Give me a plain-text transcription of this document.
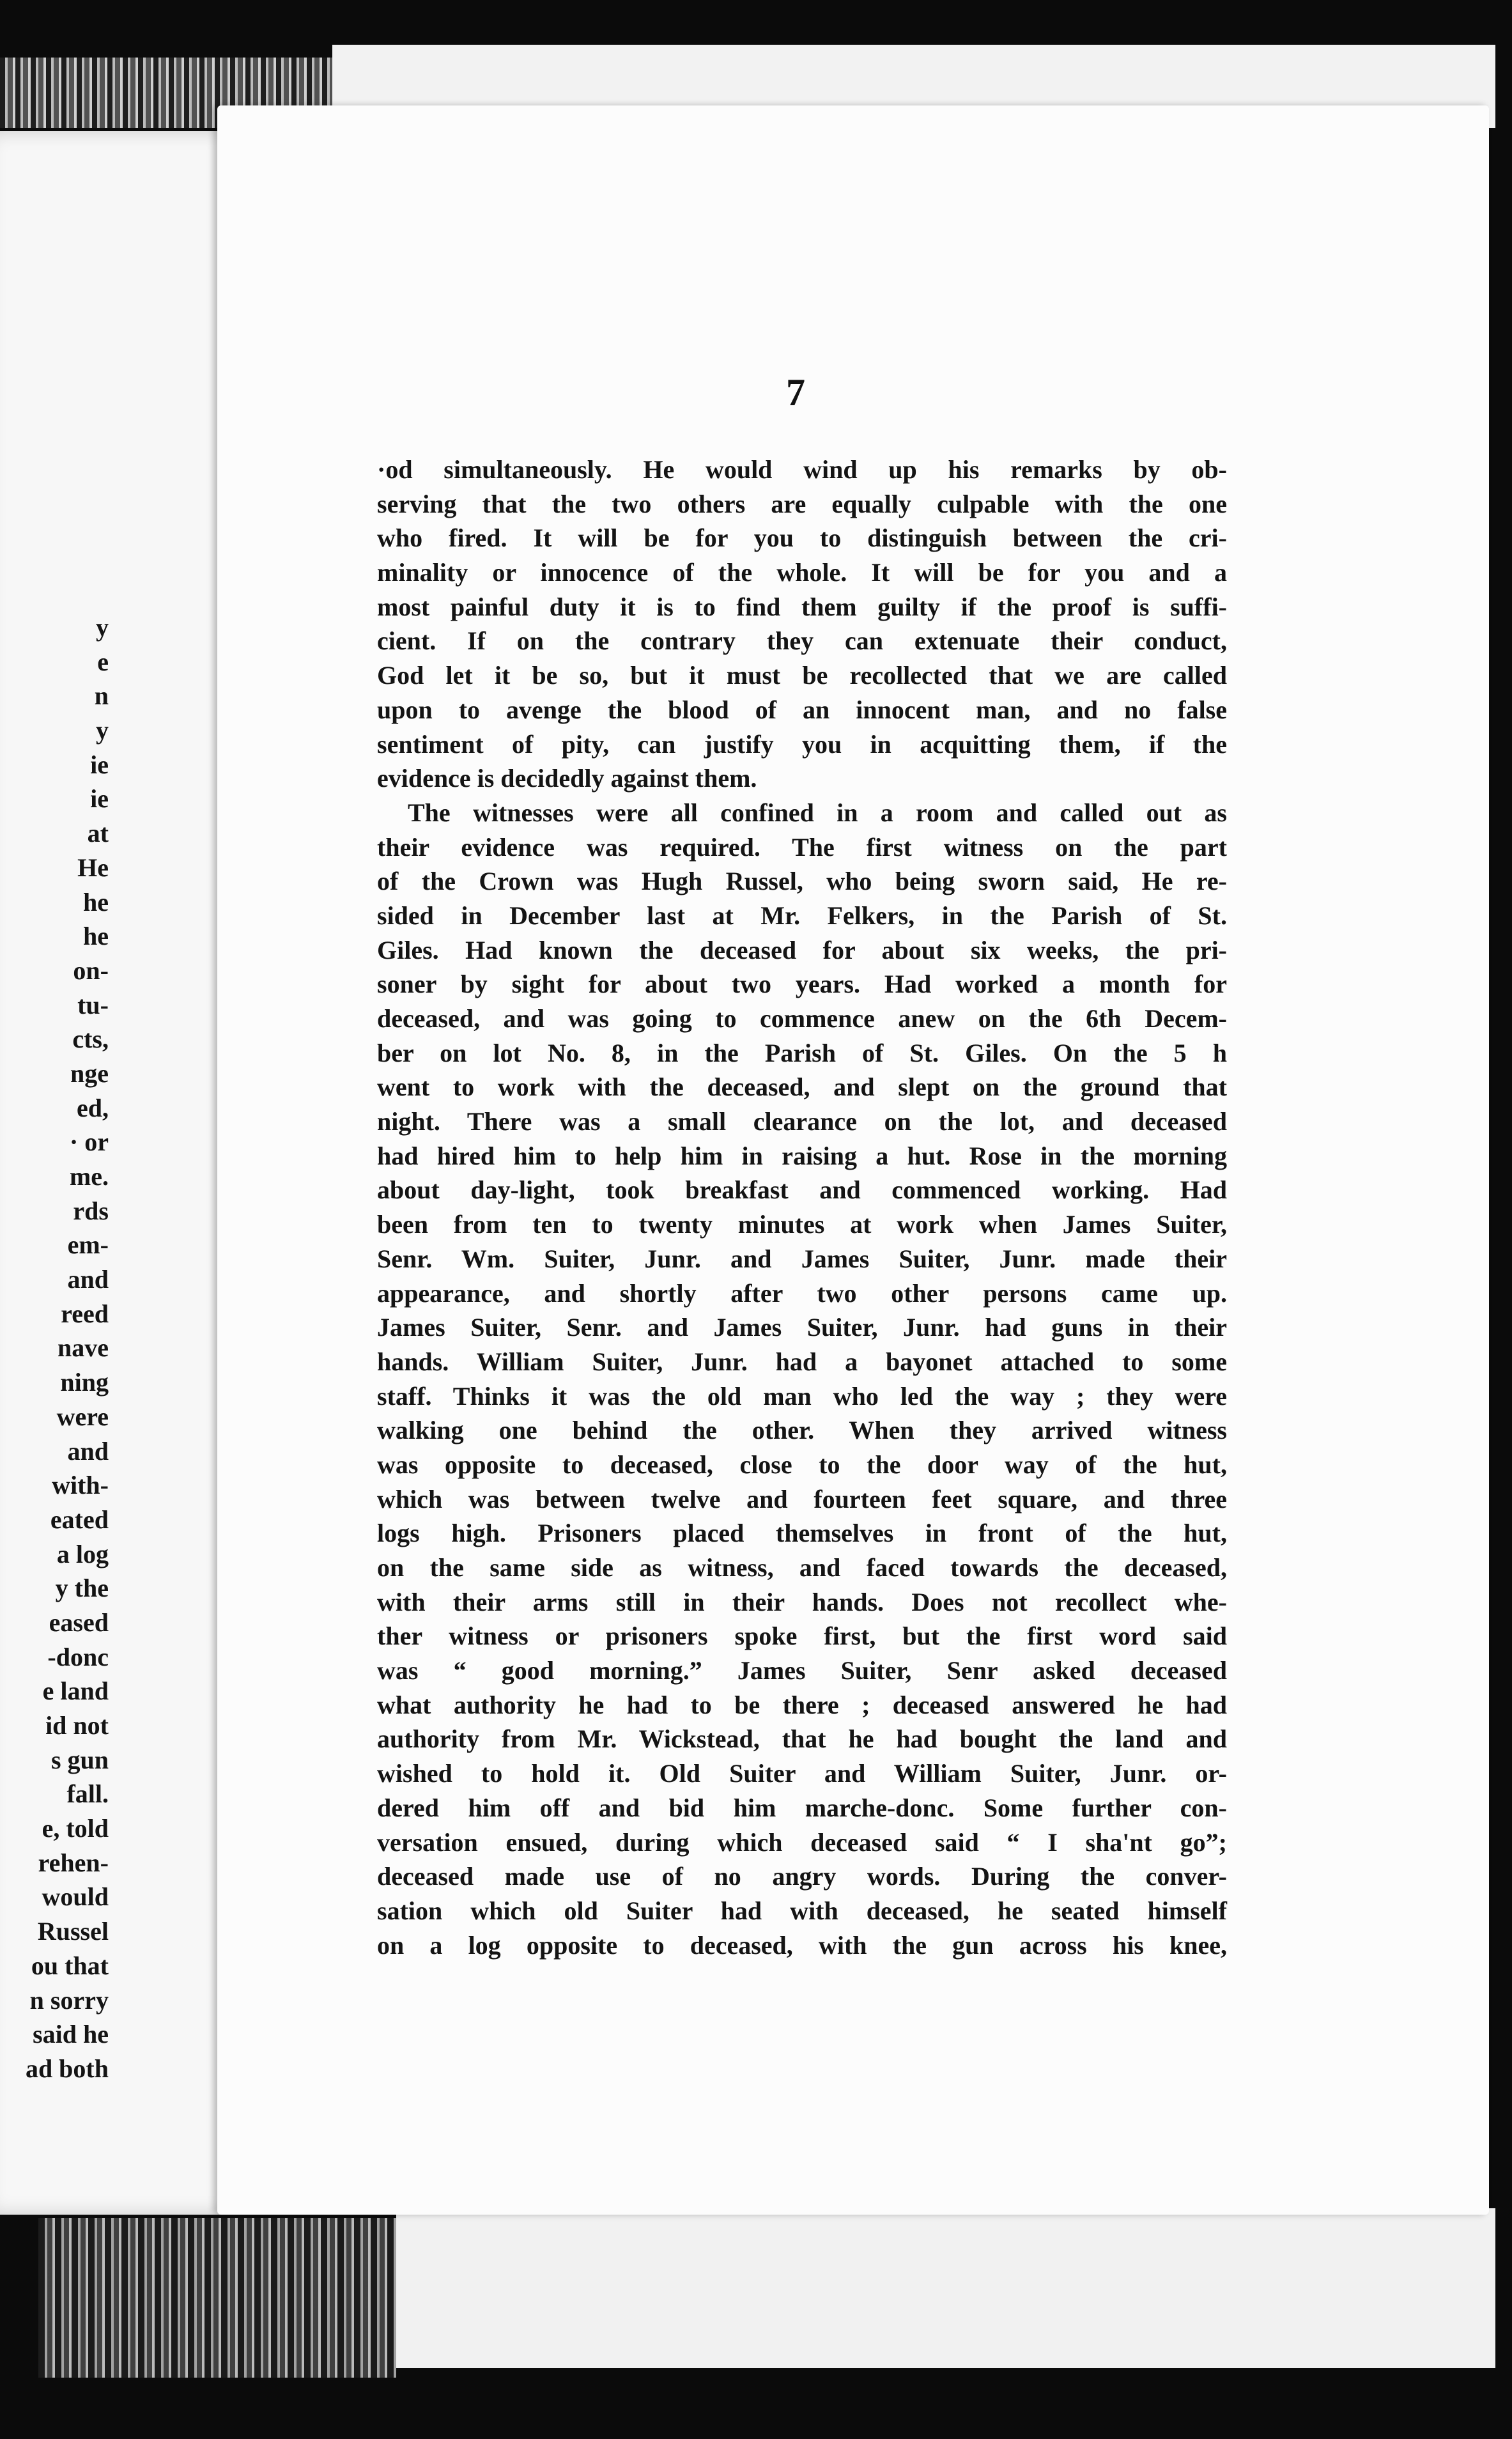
y
e
n
y
ie
ie
at
He
he
he
on-
tu-
cts,
nge
ed,
· or
me.
rds
em-
and
reed
nave
ning
were
and
with-
eated
a log
y the
eased
-donc
e land
id not
s gun
fall.
e, told
rehen-
would
Russel
ou that
n sorry
said he
ad both
7
·od simultaneously. He would wind up his remarks by ob-
serving that the two others are equally culpable with the one
who fired. It will be for you to distinguish between the cri-
minality or innocence of the whole. It will be for you and a
most painful duty it is to find them guilty if the proof is suffi-
cient. If on the contrary they can extenuate their conduct,
God let it be so, but it must be recollected that we are called
upon to avenge the blood of an innocent man, and no false
sentiment of pity, can justify you in acquitting them, if the
evidence is decidedly against them.
The witnesses were all confined in a room and called out as
their evidence was required. The first witness on the part
of the Crown was Hugh Russel, who being sworn said, He re-
sided in December last at Mr. Felkers, in the Parish of St.
Giles. Had known the deceased for about six weeks, the pri-
soner by sight for about two years. Had worked a month for
deceased, and was going to commence anew on the 6th Decem-
ber on lot No. 8, in the Parish of St. Giles. On the 5 h
went to work with the deceased, and slept on the ground that
night. There was a small clearance on the lot, and deceased
had hired him to help him in raising a hut. Rose in the morning
about day-light, took breakfast and commenced working. Had
been from ten to twenty minutes at work when James Suiter,
Senr. Wm. Suiter, Junr. and James Suiter, Junr. made their
appearance, and shortly after two other persons came up.
James Suiter, Senr. and James Suiter, Junr. had guns in their
hands. William Suiter, Junr. had a bayonet attached to some
staff. Thinks it was the old man who led the way ; they were
walking one behind the other. When they arrived witness
was opposite to deceased, close to the door way of the hut,
which was between twelve and fourteen feet square, and three
logs high. Prisoners placed themselves in front of the hut,
on the same side as witness, and faced towards the deceased,
with their arms still in their hands. Does not recollect whe-
ther witness or prisoners spoke first, but the first word said
was “ good morning.” James Suiter, Senr asked deceased
what authority he had to be there ; deceased answered he had
authority from Mr. Wickstead, that he had bought the land and
wished to hold it. Old Suiter and William Suiter, Junr. or-
dered him off and bid him marche-donc. Some further con-
versation ensued, during which deceased said “ I sha'nt go”;
deceased made use of no angry words. During the conver-
sation which old Suiter had with deceased, he seated himself
on a log opposite to deceased, with the gun across his knee,
